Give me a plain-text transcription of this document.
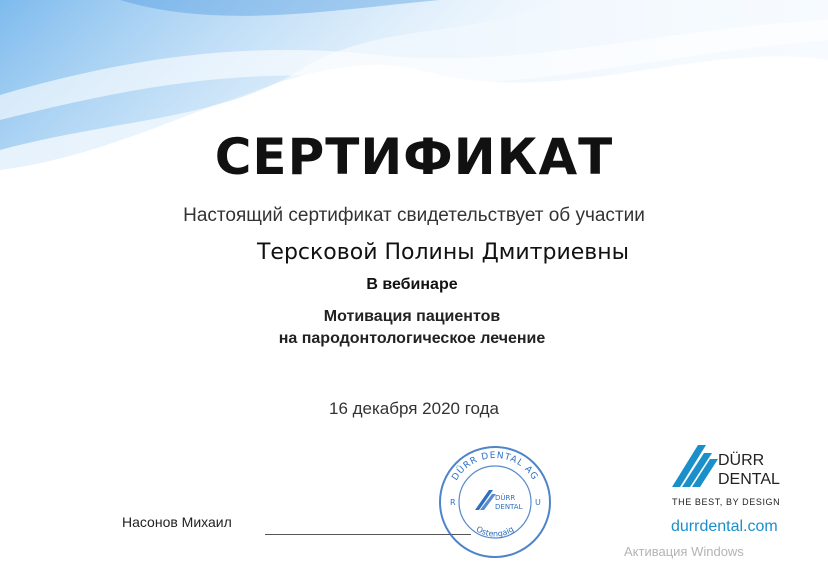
СЕРТИФИКАТ
Настоящий сертификат свидетельствует об участии
Терсковой Полины Дмитриевны
В вебинаре
Мотивация пациентов
на пародонтологическое лечение
16 декабря 2020 года
Насонов Михаил
DÜRR DENTAL AG
Ostengaig
R	U
DÜRR
DENTAL
DÜRR
DENTAL
THE BEST, BY DESIGN
durrdental.com
Активация Windows
